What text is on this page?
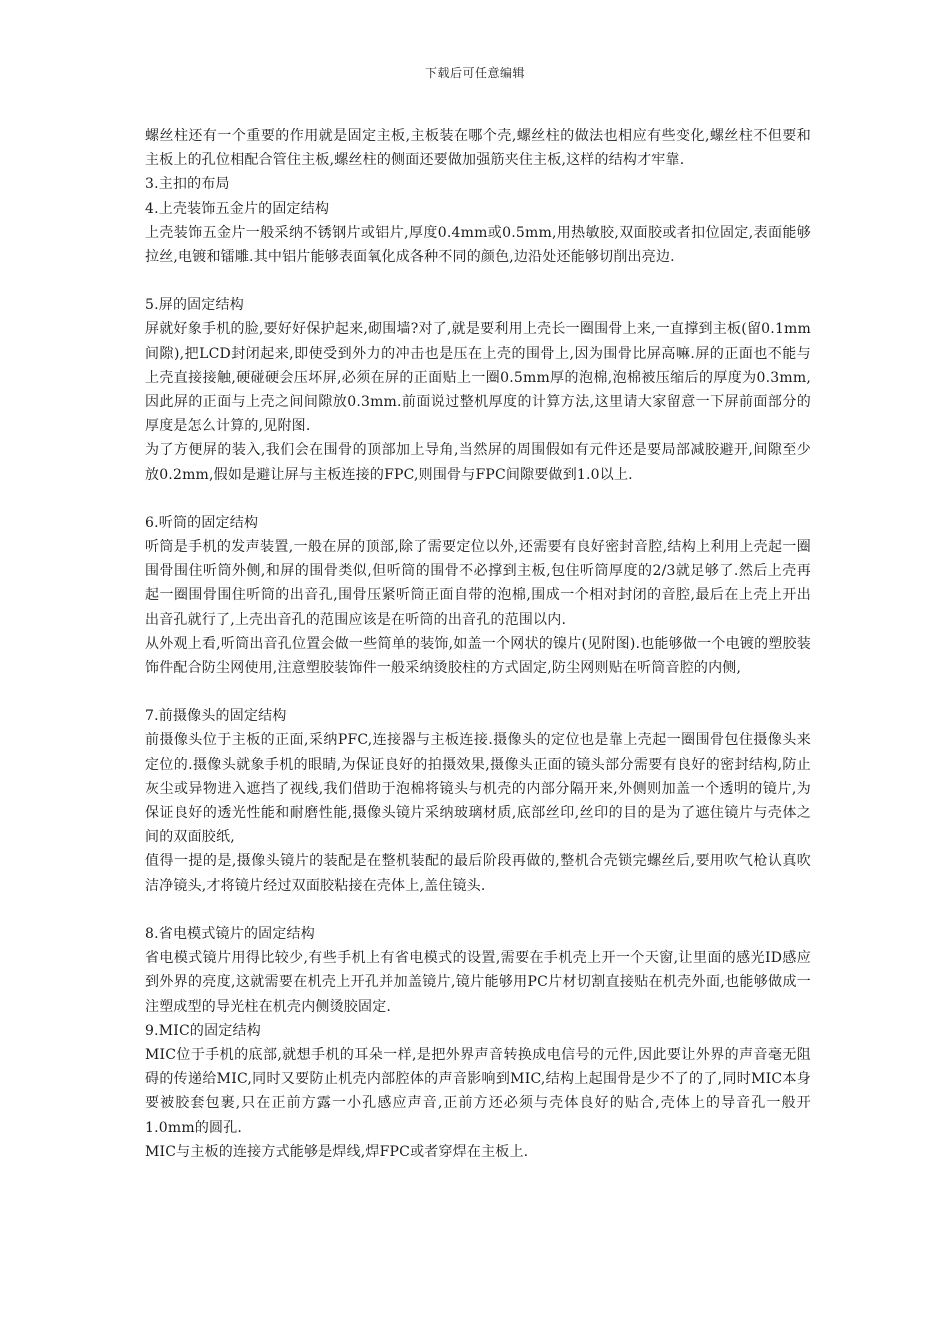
下载后可任意编辑

螺丝柱还有一个重要的作用就是固定主板,主板装在哪个壳,螺丝柱的做法也相应有些变化,螺丝柱不但要和主板上的孔位相配合管住主板,螺丝柱的侧面还要做加强筋夹住主板,这样的结构才牢靠.

3.主扣的布局

4.上壳装饰五金片的固定结构

上壳装饰五金片一般采纳不锈钢片或铝片,厚度0.4mm或0.5mm,用热敏胶,双面胶或者扣位固定,表面能够拉丝,电镀和镭雕.其中铝片能够表面氧化成各种不同的颜色,边沿处还能够切削出亮边.

5.屏的固定结构

屏就好象手机的脸,要好好保护起来,砌围墙?对了,就是要利用上壳长一圈围骨上来,一直撑到主板(留0.1mm间隙),把LCD封闭起来,即使受到外力的冲击也是压在上壳的围骨上,因为围骨比屏高嘛.屏的正面也不能与上壳直接接触,硬碰硬会压坏屏,必须在屏的正面贴上一圈0.5mm厚的泡棉,泡棉被压缩后的厚度为0.3mm,因此屏的正面与上壳之间间隙放0.3mm.前面说过整机厚度的计算方法,这里请大家留意一下屏前面部分的厚度是怎么计算的,见附图.

为了方便屏的装入,我们会在围骨的顶部加上导角,当然屏的周围假如有元件还是要局部减胶避开,间隙至少放0.2mm,假如是避让屏与主板连接的FPC,则围骨与FPC间隙要做到1.0以上.

6.听筒的固定结构

听筒是手机的发声装置,一般在屏的顶部,除了需要定位以外,还需要有良好密封音腔,结构上利用上壳起一圈围骨围住听筒外侧,和屏的围骨类似,但听筒的围骨不必撑到主板,包住听筒厚度的2/3就足够了.然后上壳再起一圈围骨围住听筒的出音孔,围骨压紧听筒正面自带的泡棉,围成一个相对封闭的音腔,最后在上壳上开出出音孔就行了,上壳出音孔的范围应该是在听筒的出音孔的范围以内.

从外观上看,听筒出音孔位置会做一些简单的装饰,如盖一个网状的镍片(见附图).也能够做一个电镀的塑胶装饰件配合防尘网使用,注意塑胶装饰件一般采纳烫胶柱的方式固定,防尘网则贴在听筒音腔的内侧,

7.前摄像头的固定结构

前摄像头位于主板的正面,采纳PFC,连接器与主板连接.摄像头的定位也是靠上壳起一圈围骨包住摄像头来定位的.摄像头就象手机的眼睛,为保证良好的拍摄效果,摄像头正面的镜头部分需要有良好的密封结构,防止灰尘或异物进入遮挡了视线,我们借助于泡棉将镜头与机壳的内部分隔开来,外侧则加盖一个透明的镜片,为保证良好的透光性能和耐磨性能,摄像头镜片采纳玻璃材质,底部丝印,丝印的目的是为了遮住镜片与壳体之间的双面胶纸,

值得一提的是,摄像头镜片的装配是在整机装配的最后阶段再做的,整机合壳锁完螺丝后,要用吹气枪认真吹洁净镜头,才将镜片经过双面胶粘接在壳体上,盖住镜头.

8.省电模式镜片的固定结构

省电模式镜片用得比较少,有些手机上有省电模式的设置,需要在手机壳上开一个天窗,让里面的感光ID感应到外界的亮度,这就需要在机壳上开孔并加盖镜片,镜片能够用PC片材切割直接贴在机壳外面,也能够做成一注塑成型的导光柱在机壳内侧烫胶固定.

9.MIC的固定结构

MIC位于手机的底部,就想手机的耳朵一样,是把外界声音转换成电信号的元件,因此要让外界的声音毫无阻碍的传递给MIC,同时又要防止机壳内部腔体的声音影响到MIC,结构上起围骨是少不了的了,同时MIC本身要被胶套包裹,只在正前方露一小孔感应声音,正前方还必须与壳体良好的贴合,壳体上的导音孔一般开1.0mm的圆孔.

MIC与主板的连接方式能够是焊线,焊FPC或者穿焊在主板上.
